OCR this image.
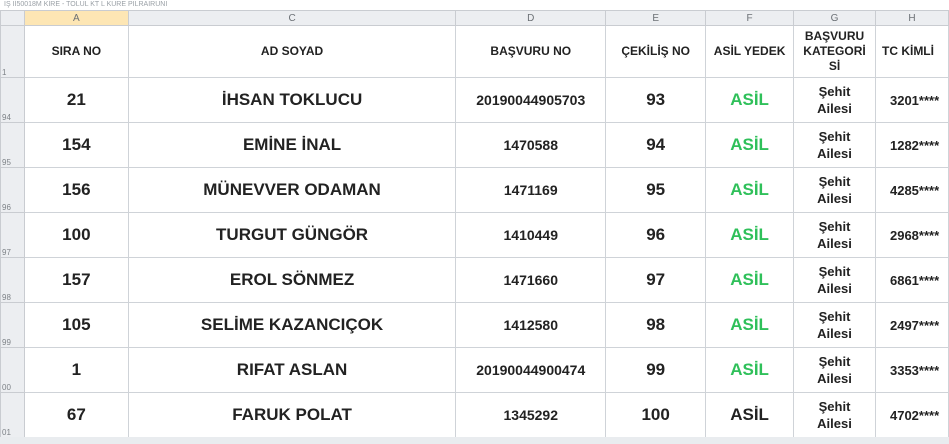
IŞ Iİ50018M KİRE - TOLUL KT L KURE PILRAIRUNI
	A	C	D	E	F	G	H
1	SIRA NO	AD SOYAD	BAŞVURU NO	ÇEKİLİŞ NO	ASİL YEDEK	BAŞVURU
KATEGORİ
Sİ	TC KİMLİ
94	21	İHSAN TOKLUCU	20190044905703	93	ASİL	Şehit
Ailesi	3201****
95	154	EMİNE İNAL	1470588	94	ASİL	Şehit
Ailesi	1282****
96	156	MÜNEVVER ODAMAN	1471169	95	ASİL	Şehit
Ailesi	4285****
97	100	TURGUT GÜNGÖR	1410449	96	ASİL	Şehit
Ailesi	2968****
98	157	EROL SÖNMEZ	1471660	97	ASİL	Şehit
Ailesi	6861****
99	105	SELİME KAZANCIÇOK	1412580	98	ASİL	Şehit
Ailesi	2497****
00	1	RIFAT ASLAN	20190044900474	99	ASİL	Şehit
Ailesi	3353****
01	67	FARUK POLAT	1345292	100	ASİL	Şehit
Ailesi	4702****
